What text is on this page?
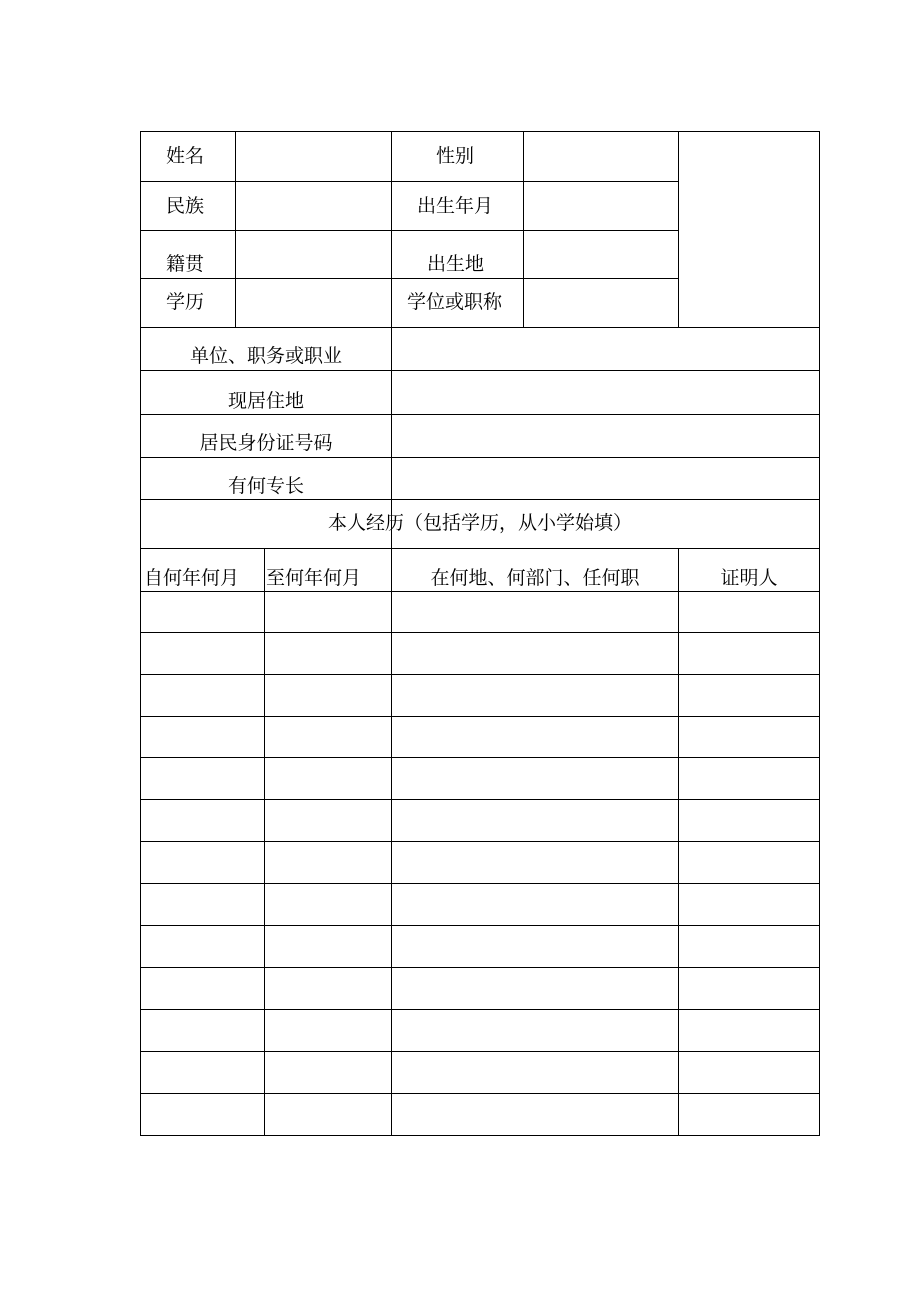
姓名	性别
民族	出生年月
籍贯	出生地
学历	学位或职称
单位、职务或职业
现居住地
居民身份证号码
有何专长
本人经历（包括学历，从小学始填）
自何年何月 至何年何月	在何地、何部门、任何职	证明人
